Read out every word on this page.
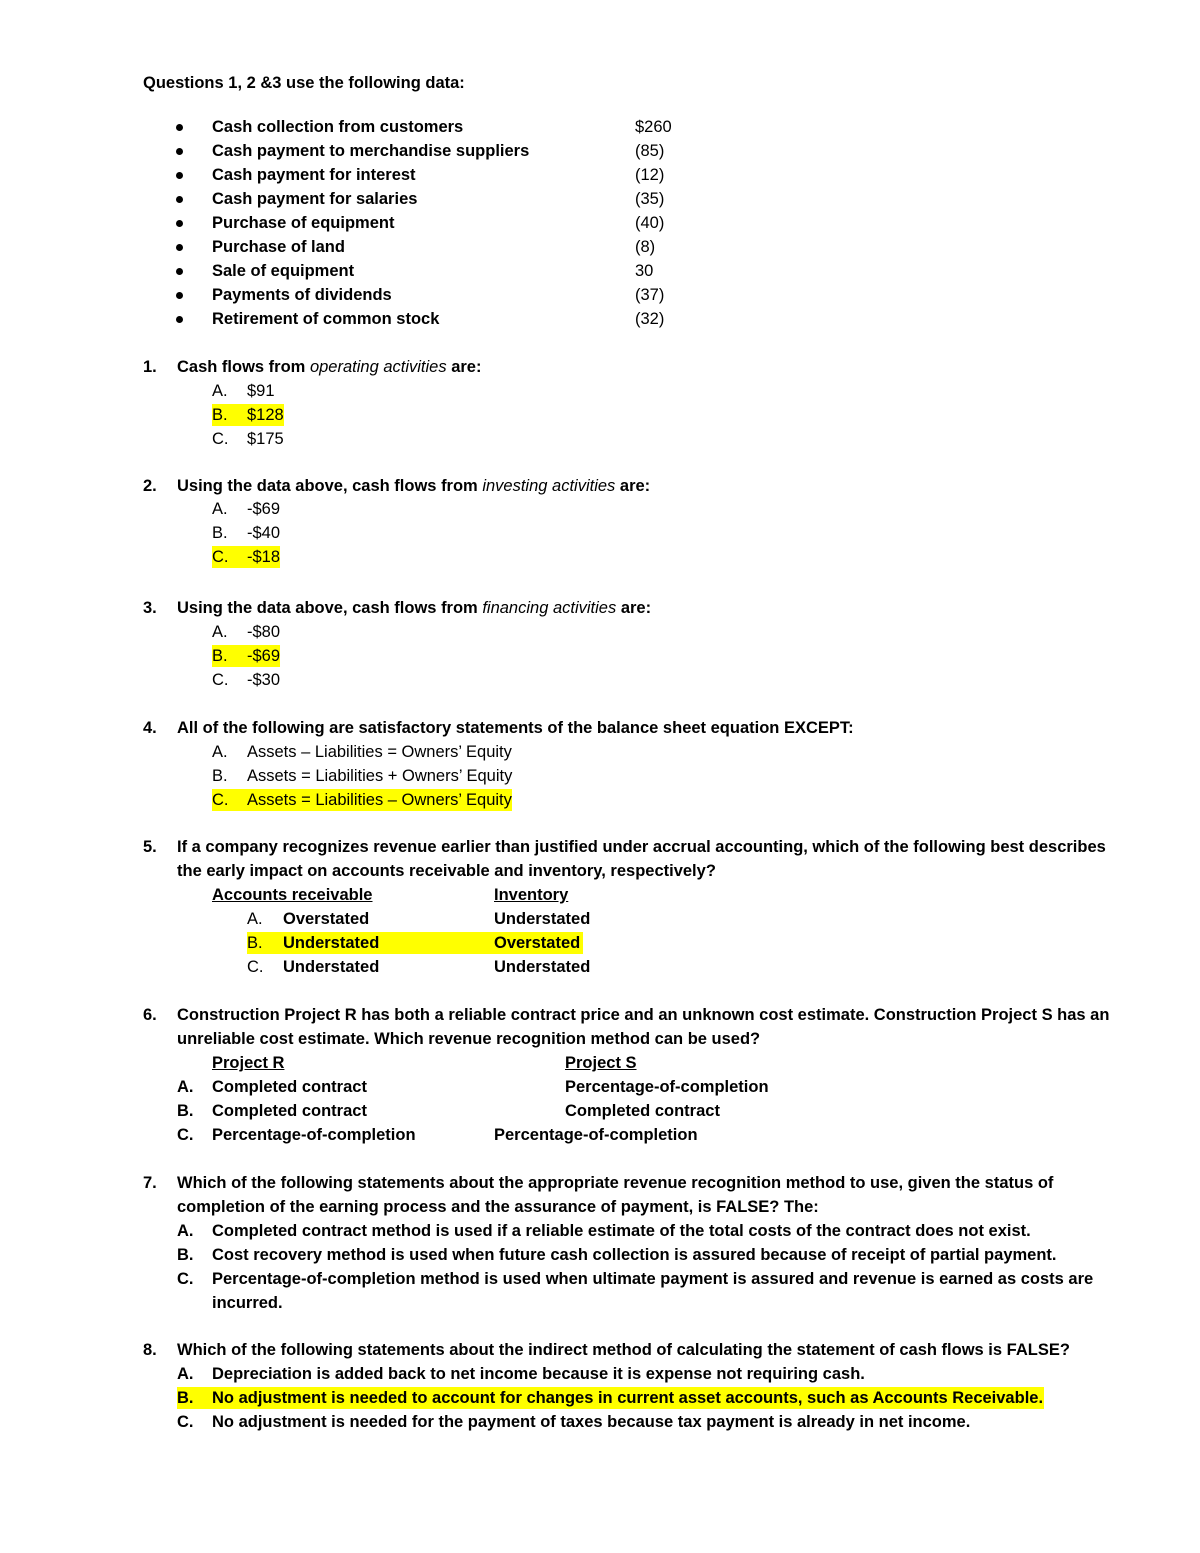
Questions 1, 2 &3 use the following data:
Cash collection from customers	$260
Cash payment to merchandise suppliers	(85)
Cash payment for interest	(12)
Cash payment for salaries	(35)
Purchase of equipment	(40)
Purchase of land	(8)
Sale of equipment	30
Payments of dividends	(37)
Retirement of common stock	(32)
1. Cash flows from operating activities are:
A. $91
B. $128
C. $175
2. Using the data above, cash flows from investing activities are:
A. -$69
B. -$40
C. -$18
3. Using the data above, cash flows from financing activities are:
A. -$80
B. -$69
C. -$30
4. All of the following are satisfactory statements of the balance sheet equation EXCEPT:
A. Assets – Liabilities = Owners’ Equity
B. Assets = Liabilities + Owners’ Equity
C. Assets = Liabilities – Owners’ Equity
5. If a company recognizes revenue earlier than justified under accrual accounting, which of the following best describes
the early impact on accounts receivable and inventory, respectively?
Accounts receivable	Inventory
A. Overstated	Understated
B. Understated	Overstated
C. Understated	Understated
6. Construction Project R has both a reliable contract price and an unknown cost estimate. Construction Project S has an
unreliable cost estimate. Which revenue recognition method can be used?
Project R	Project S
A. Completed contract	Percentage-of-completion
B. Completed contract	Completed contract
C. Percentage-of-completion	Percentage-of-completion
7. Which of the following statements about the appropriate revenue recognition method to use, given the status of
completion of the earning process and the assurance of payment, is FALSE? The:
A. Completed contract method is used if a reliable estimate of the total costs of the contract does not exist.
B. Cost recovery method is used when future cash collection is assured because of receipt of partial payment.
C. Percentage-of-completion method is used when ultimate payment is assured and revenue is earned as costs are
incurred.
8. Which of the following statements about the indirect method of calculating the statement of cash flows is FALSE?
A. Depreciation is added back to net income because it is expense not requiring cash.
B. No adjustment is needed to account for changes in current asset accounts, such as Accounts Receivable.
C. No adjustment is needed for the payment of taxes because tax payment is already in net income.
